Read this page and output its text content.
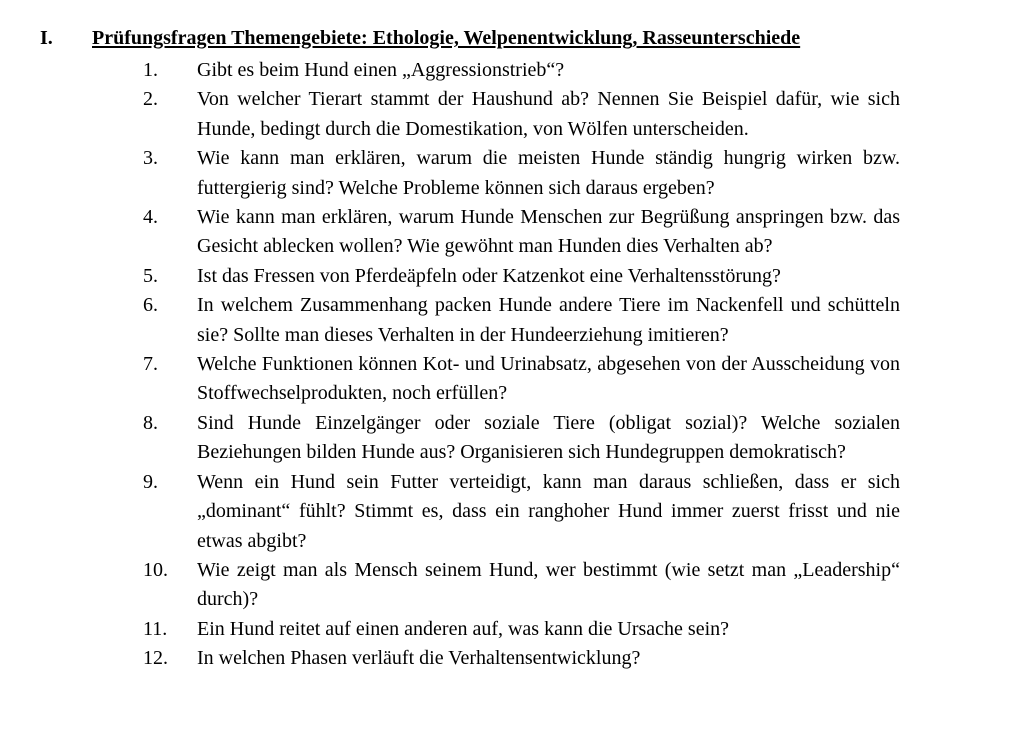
I.	Prüfungsfragen Themengebiete: Ethologie, Welpenentwicklung, Rasseunterschiede
1.	Gibt es beim Hund einen „Aggressionstrieb“?
2.	Von welcher Tierart stammt der Haushund ab? Nennen Sie Beispiel dafür, wie sich Hunde, bedingt durch die Domestikation, von Wölfen unterscheiden.
3.	Wie kann man erklären, warum die meisten Hunde ständig hungrig wirken bzw. futtergierig sind? Welche Probleme können sich daraus ergeben?
4.	Wie kann man erklären, warum Hunde Menschen zur Begrüßung anspringen bzw. das Gesicht ablecken wollen? Wie gewöhnt man Hunden dies Verhalten ab?
5.	Ist das Fressen von Pferdeäpfeln oder Katzenkot eine Verhaltensstörung?
6.	In welchem Zusammenhang packen Hunde andere Tiere im Nackenfell und schütteln sie? Sollte man dieses Verhalten in der Hundeerziehung imitieren?
7.	Welche Funktionen können Kot- und Urinabsatz, abgesehen von der Ausscheidung von Stoffwechselprodukten, noch erfüllen?
8.	Sind Hunde Einzelgänger oder soziale Tiere (obligat sozial)? Welche sozialen Beziehungen bilden Hunde aus? Organisieren sich Hundegruppen demokratisch?
9.	Wenn ein Hund sein Futter verteidigt, kann man daraus schließen, dass er sich „dominant“ fühlt? Stimmt es, dass ein ranghoher Hund immer zuerst frisst und nie etwas abgibt?
10.	Wie zeigt man als Mensch seinem Hund, wer bestimmt (wie setzt man „Leadership“ durch)?
11.	Ein Hund reitet auf einen anderen auf, was kann die Ursache sein?
12.	In welchen Phasen verläuft die Verhaltensentwicklung?
